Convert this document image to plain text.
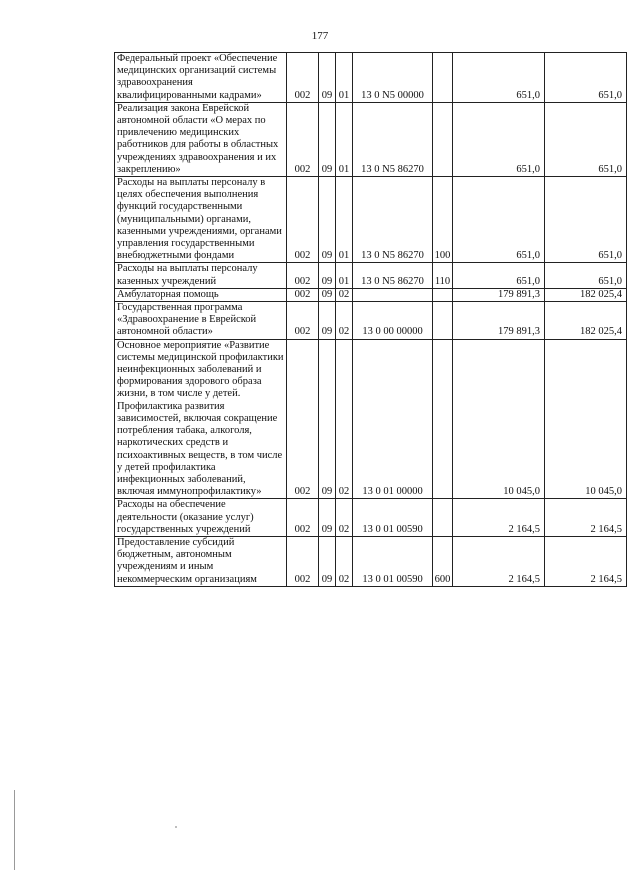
177
Федеральный проект «Обеспечение медицинских организаций системы здравоохранения квалифицированными кадрами»	002	09	01	13 0 N5 00000		651,0	651,0
Реализация закона Еврейской автономной области «О мерах по привлечению медицинских работников для работы в областных учреждениях здравоохранения и их закреплению»	002	09	01	13 0 N5 86270		651,0	651,0
Расходы на выплаты персоналу в целях обеспечения выполнения функций государственными (муниципальными) органами, казенными учреждениями, органами управления государственными внебюджетными фондами	002	09	01	13 0 N5 86270	100	651,0	651,0
Расходы на выплаты персоналу казенных учреждений	002	09	01	13 0 N5 86270	110	651,0	651,0
Амбулаторная помощь	002	09	02			179 891,3	182 025,4
Государственная программа «Здравоохранение в Еврейской автономной области»	002	09	02	13 0 00 00000		179 891,3	182 025,4
Основное мероприятие «Развитие системы медицинской профилактики неинфекционных заболеваний и формирования здорового образа жизни, в том числе у детей. Профилактика развития зависимостей, включая сокращение потребления табака, алкоголя, наркотических средств и психоактивных веществ, в том числе у детей профилактика инфекционных заболеваний, включая иммунопрофилактику»	002	09	02	13 0 01 00000		10 045,0	10 045,0
Расходы на обеспечение деятельности (оказание услуг) государственных учреждений	002	09	02	13 0 01 00590		2 164,5	2 164,5
Предоставление субсидий бюджетным, автономным учреждениям и иным некоммерческим организациям	002	09	02	13 0 01 00590	600	2 164,5	2 164,5
